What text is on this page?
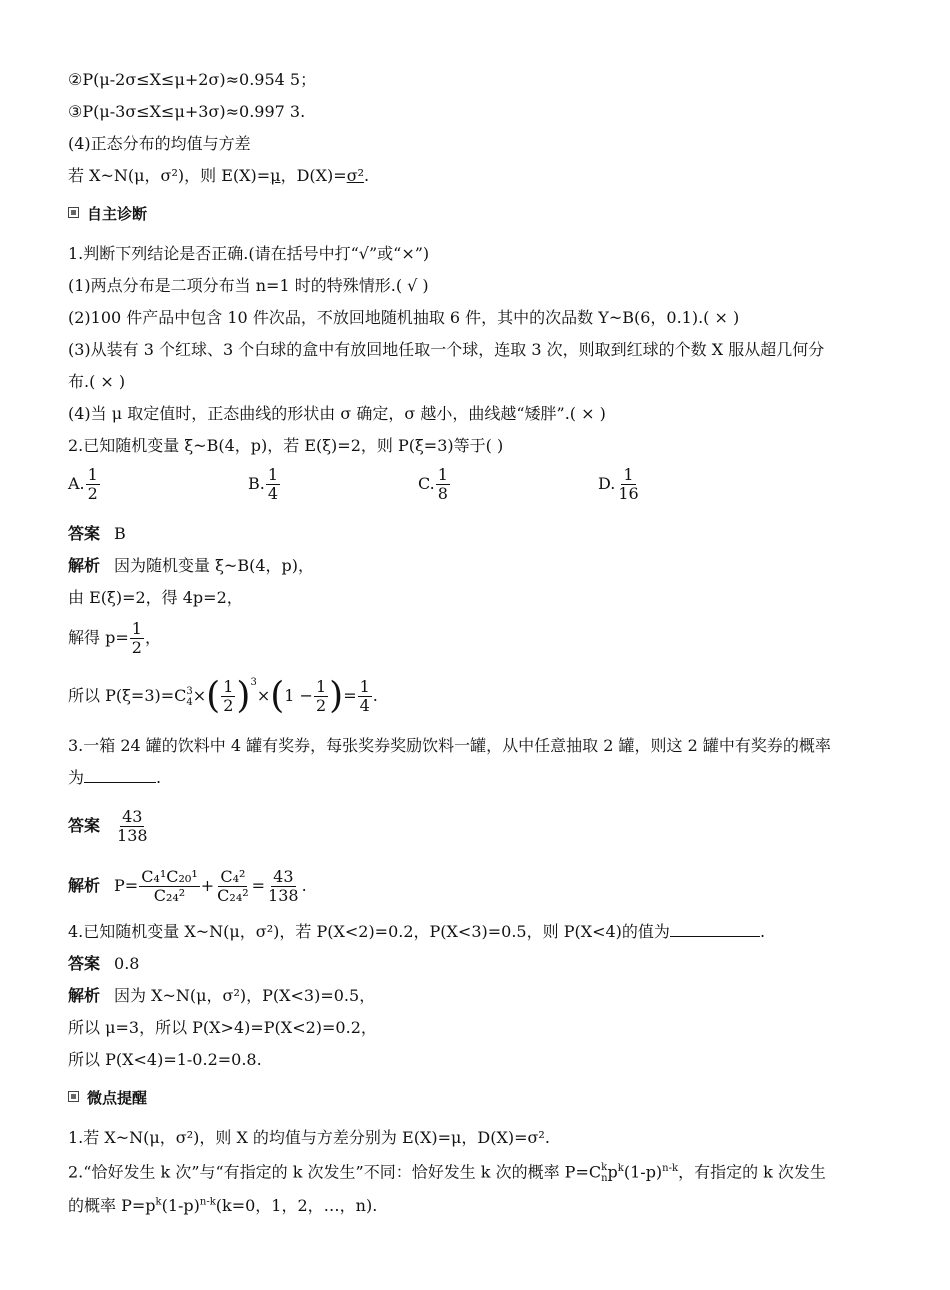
②P(μ-2σ≤X≤μ+2σ)≈0.954 5；
③P(μ-3σ≤X≤μ+3σ)≈0.997 3.
(4)正态分布的均值与方差
若 X~N(μ，σ²)，则 E(X)=μ，D(X)=σ².
自主诊断
1.判断下列结论是否正确.(请在括号中打“√”或“×”)
(1)两点分布是二项分布当 n=1 时的特殊情形.( √ )
(2)100 件产品中包含 10 件次品，不放回地随机抽取 6 件，其中的次品数 Y~B(6，0.1).( × )
(3)从装有 3 个红球、3 个白球的盒中有放回地任取一个球，连取 3 次，则取到红球的个数 X 服从超几何分
布.( × )
(4)当 μ 取定值时，正态曲线的形状由 σ 确定，σ 越小，曲线越“矮胖”.( × )
2.已知随机变量 ξ~B(4，p)，若 E(ξ)=2，则 P(ξ=3)等于( )
A. $\frac{1}{2}$	B. $\frac{1}{4}$	C. $\frac{1}{8}$	D. $\frac{1}{16}$
答案 B
解析 因为随机变量 ξ~B(4，p)，
由 E(ξ)=2，得 4p=2，
解得 $p= \frac{1}{2}$ ，
所以 P(ξ=3)=C 3
4 ×( $\frac{1}{2} )^3\times(1 - \frac{1}{2}$ )= $\frac{1}{4}$ .
3.一箱 24 罐的饮料中 4 罐有奖券，每张奖券奖励饮料一罐，从中任意抽取 2 罐，则这 2 罐中有奖券的概率
为	.
答案 $\frac{43}{138}$
解析 $P= \frac{\text{C₄¹C₂₀¹}}{\text{C₂₄²}} + \frac{\text{C₄²}}{\text{C₂₄²}} = \frac{43}{138}$ .
4.已知随机变量 X~N(μ，σ²)，若 P(X<2)=0.2，P(X<3)=0.5，则 P(X<4)的值为	.
答案 0.8
解析 因为 X~N(μ，σ²)，P(X<3)=0.5，
所以 μ=3，所以 P(X>4)=P(X<2)=0.2，
所以 P(X<4)=1-0.2=0.8.
微点提醒
1.若 X~N(μ，σ²)，则 X 的均值与方差分别为 E(X)=μ，D(X)=σ².
2.“恰好发生 k 次”与“有指定的 k 次发生”不同：恰好发生 k 次的概率 P=C k
n $p^k(1-p)^{n-k}$，有指定的 k 次发生
的概率 $P=p^k(1-p)^{n-k}(k=0$，1，2，…，n).
